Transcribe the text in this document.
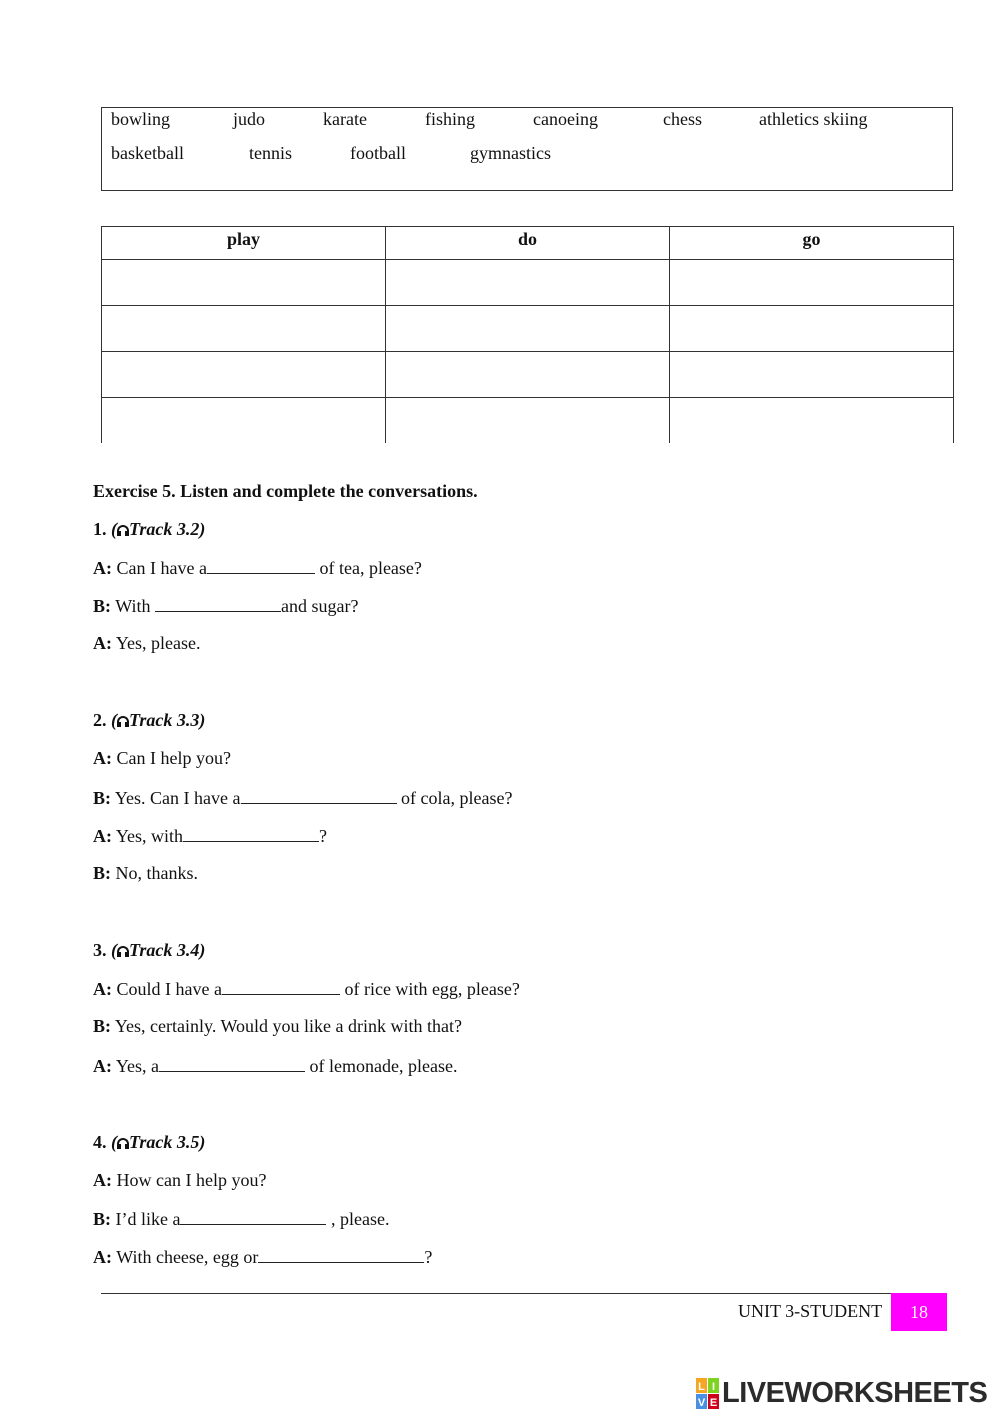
bowling	judo	karate	fishing	canoeing	chess	athletics skiing
basketball	tennis	football	gymnastics
play	do	go

Exercise 5. Listen and complete the conversations.
1. ( Track 3.2)
A: Can I have a	of tea, please?
B: With	and sugar?
A: Yes, please.
2. ( Track 3.3)
A: Can I help you?
B: Yes. Can I have a	of cola, please?
A: Yes, with	?
B: No, thanks.
3. ( Track 3.4)
A: Could I have a	of rice with egg, please?
B: Yes, certainly. Would you like a drink with that?
A: Yes, a	of lemonade, please.
4. ( Track 3.5)
A: How can I help you?
B: I’d like a	, please.
A: With cheese, egg or	?
UNIT 3-STUDENT	18
L I
V E LIVEWORKSHEETS
